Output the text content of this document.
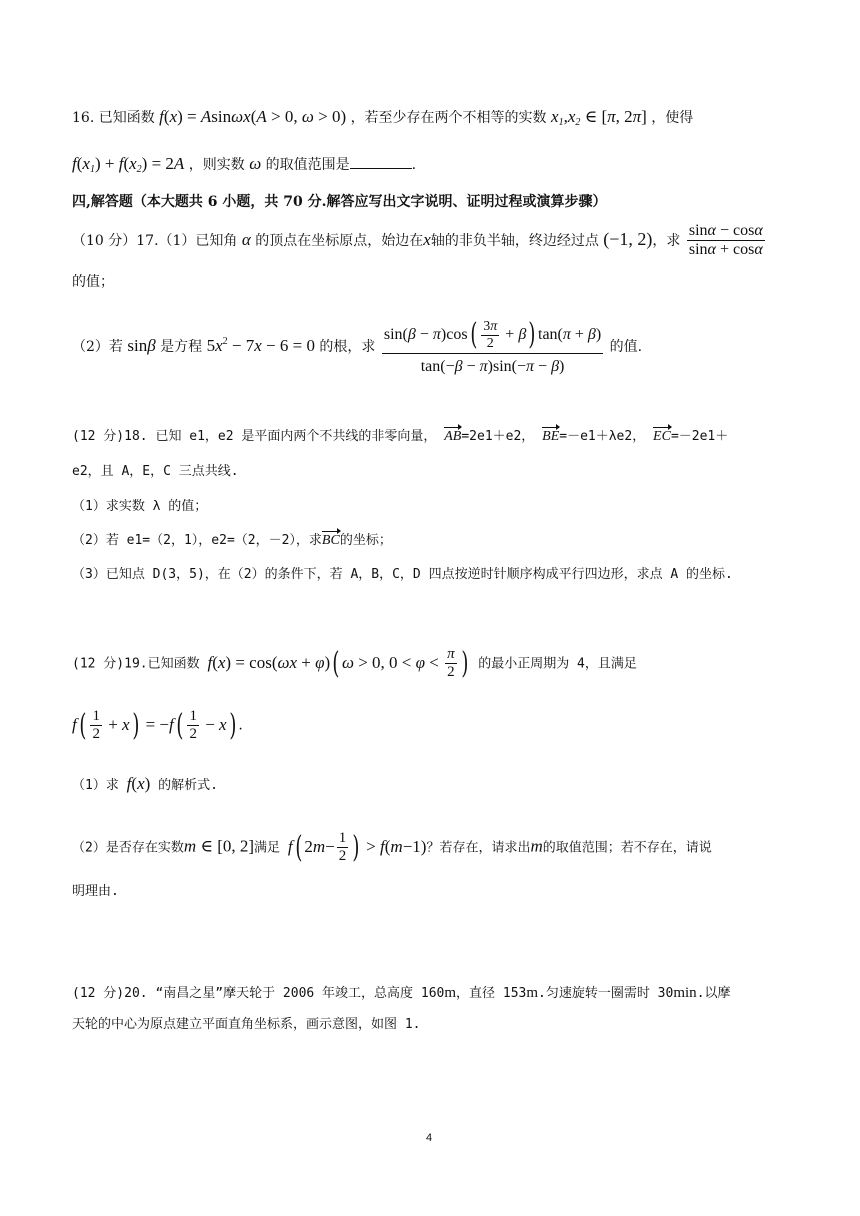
16. 已知函数 f(x) = Asinωx(A > 0, ω > 0) ，若至少存在两个不相等的实数 $x_1,x_2$ ∈ [π, 2π] ，使得
$f(x_1) + f(x_2) = 2A$ ，则实数 ω 的取值范围是	.
四,解答题（本大题共 6 小题，共 70 分.解答应写出文字说明、证明过程或演算步骤）
（10 分）17.（1）已知角 α 的顶点在坐标原点，始边在x轴的非负半轴，终边经过点 (−1, 2)，求 $\frac{\sin\alpha - \cos\alpha}{\sin\alpha + \cos\alpha}$
的值；
（2）若 sinβ 是方程 $5x^2 - 7x - 6 = 0$ 的根，求 $\frac{\sin(\beta - \pi)\cos( \frac{3\pi}{2} + \beta) \tan(\pi + \beta)}{\tan(-\beta - \pi)\sin(-\pi - \beta)}$ 的值.
(12 分)18. 已知 e1，e2 是平面内两个不共线的非零向量， AB=2e1＋e2， BE=－e1＋λe2， EC=－2e1＋
e2，且 A，E，C 三点共线.
（1）求实数 λ 的值；
（2）若 e1=（2，1），e2=（2，－2），求BC的坐标；
（3）已知点 D(3，5)，在（2）的条件下，若 A，B，C，D 四点按逆时针顺序构成平行四边形，求点 A 的坐标.
(12 分)19.已知函数 f(x) = cos(ωx + φ)( ω > 0, $0 < \varphi < \frac{\pi}{2}$ ) 的最小正周期为 4，且满足
$f( \frac{1}{2} + x) = -f( \frac{1}{2} - x)$ .
（1）求 f(x) 的解析式.
（2）是否存在实数m ∈ [0, 2]满足 f( $2m- \frac{1}{2}$ ) > f(m−1)？若存在，请求出m的取值范围；若不存在，请说
明理由.
(12 分)20. “南昌之星”摩天轮于 2006 年竣工，总高度 160m，直径 153m.匀速旋转一圈需时 30min.以摩
天轮的中心为原点建立平面直角坐标系，画示意图，如图 1.
4
